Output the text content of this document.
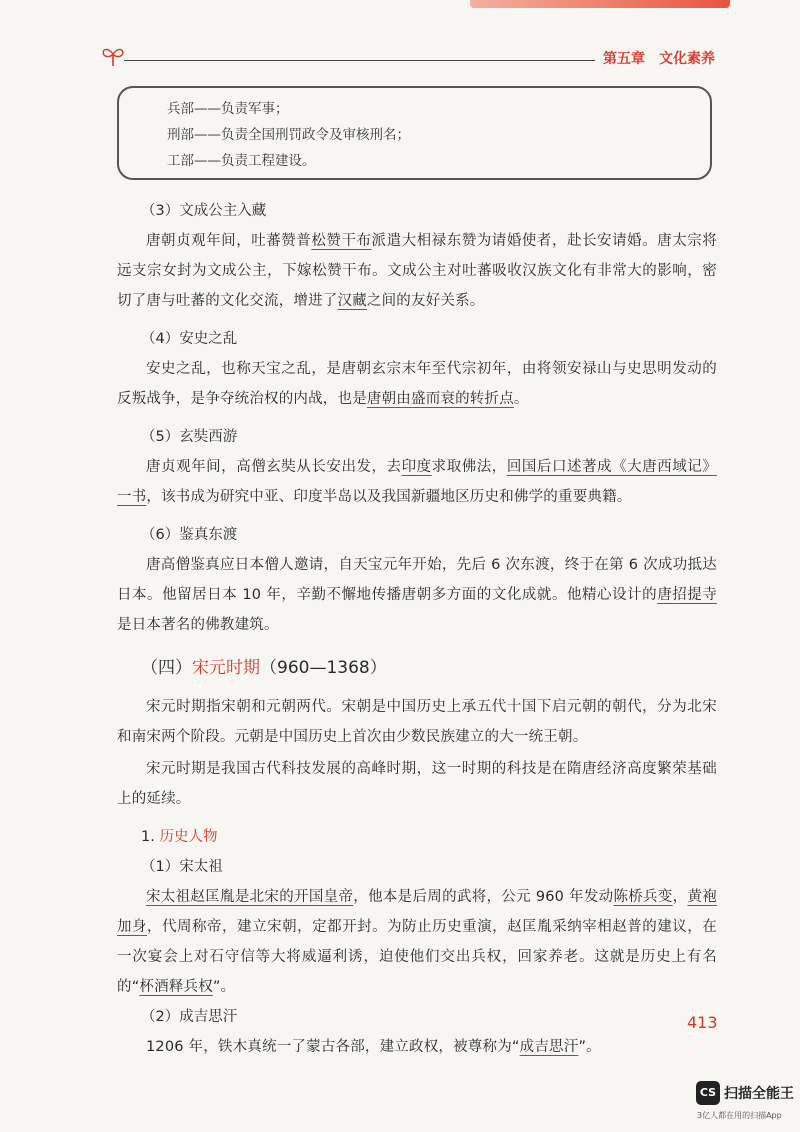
第五章　文化素养
兵部——负责军事；
刑部——负责全国刑罚政令及审核刑名；
工部——负责工程建设。
（3）文成公主入藏

唐朝贞观年间，吐蕃赞普松赞干布派遣大相禄东赞为请婚使者，赴长安请婚。唐太宗将远支宗女封为文成公主，下嫁松赞干布。文成公主对吐蕃吸收汉族文化有非常大的影响，密切了唐与吐蕃的文化交流，增进了汉藏之间的友好关系。

（4）安史之乱

安史之乱，也称天宝之乱，是唐朝玄宗末年至代宗初年，由将领安禄山与史思明发动的反叛战争，是争夺统治权的内战，也是唐朝由盛而衰的转折点。

（5）玄奘西游

唐贞观年间，高僧玄奘从长安出发，去印度求取佛法，回国后口述著成《大唐西域记》一书，该书成为研究中亚、印度半岛以及我国新疆地区历史和佛学的重要典籍。

（6）鉴真东渡

唐高僧鉴真应日本僧人邀请，自天宝元年开始，先后 6 次东渡，终于在第 6 次成功抵达日本。他留居日本 10 年，辛勤不懈地传播唐朝多方面的文化成就。他精心设计的唐招提寺是日本著名的佛教建筑。

（四）宋元时期（960—1368）

宋元时期指宋朝和元朝两代。宋朝是中国历史上承五代十国下启元朝的朝代，分为北宋和南宋两个阶段。元朝是中国历史上首次由少数民族建立的大一统王朝。

宋元时期是我国古代科技发展的高峰时期，这一时期的科技是在隋唐经济高度繁荣基础上的延续。

1. 历史人物
（1）宋太祖

宋太祖赵匡胤是北宋的开国皇帝，他本是后周的武将，公元 960 年发动陈桥兵变，黄袍加身，代周称帝，建立宋朝，定都开封。为防止历史重演，赵匡胤采纳宰相赵普的建议，在一次宴会上对石守信等大将威逼利诱，迫使他们交出兵权，回家养老。这就是历史上有名的“杯酒释兵权”。

（2）成吉思汗

1206 年，铁木真统一了蒙古各部，建立政权，被尊称为“成吉思汗”。

413
CS 扫描全能王
3亿人都在用的扫描App
